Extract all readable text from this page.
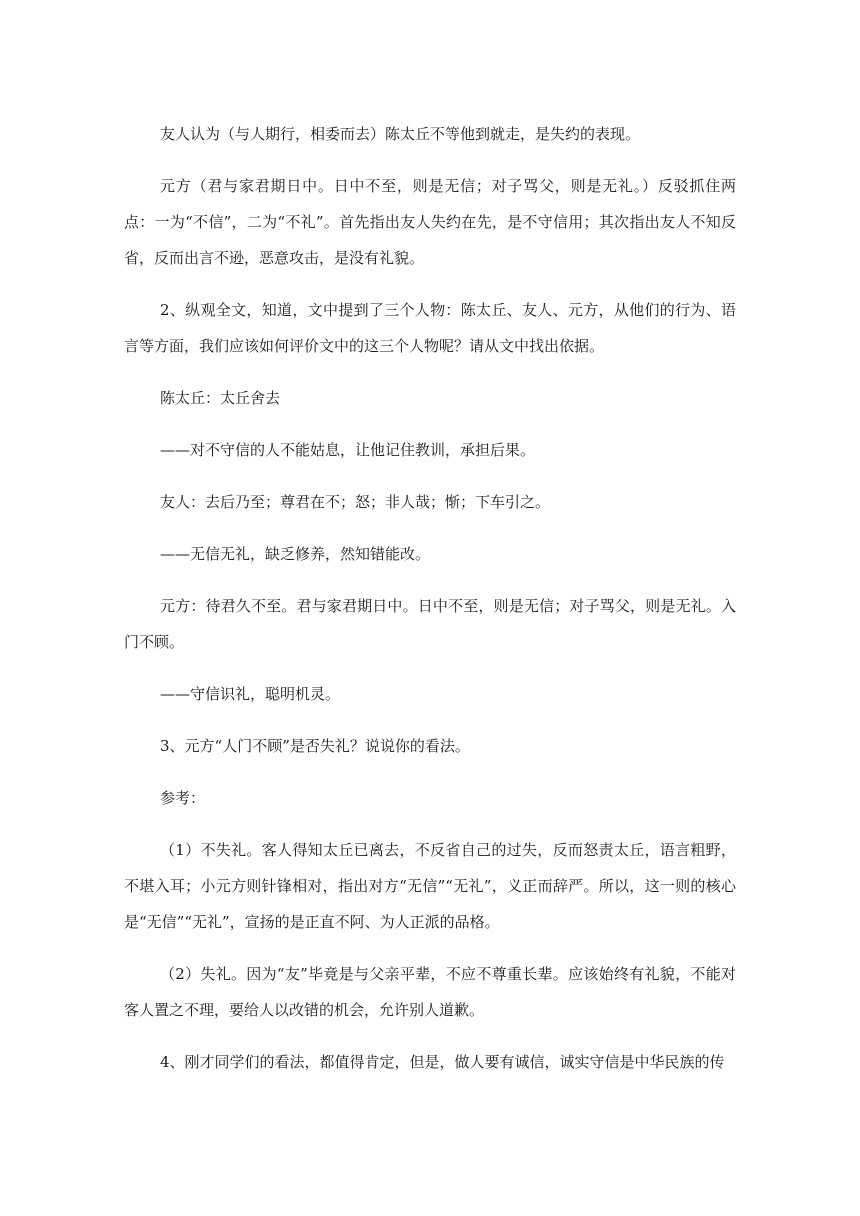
友人认为（与人期行，相委而去）陈太丘不等他到就走，是失约的表现。

元方（君与家君期日中。日中不至，则是无信；对子骂父，则是无礼。）反驳抓住两点：一为“不信”，二为“不礼”。首先指出友人失约在先，是不守信用；其次指出友人不知反省，反而出言不逊，恶意攻击，是没有礼貌。

2、纵观全文，知道，文中提到了三个人物：陈太丘、友人、元方，从他们的行为、语言等方面，我们应该如何评价文中的这三个人物呢？请从文中找出依据。

陈太丘：太丘舍去

——对不守信的人不能姑息，让他记住教训，承担后果。

友人：去后乃至；尊君在不；怒；非人哉；惭；下车引之。

——无信无礼，缺乏修养，然知错能改。

元方：待君久不至。君与家君期日中。日中不至，则是无信；对子骂父，则是无礼。入门不顾。

——守信识礼，聪明机灵。

3、元方“人门不顾”是否失礼？说说你的看法。

参考：

（1）不失礼。客人得知太丘已离去，不反省自己的过失，反而怒责太丘，语言粗野，不堪入耳；小元方则针锋相对，指出对方“无信”“无礼”，义正而辞严。所以，这一则的核心是“无信”“无礼”，宣扬的是正直不阿、为人正派的品格。

（2）失礼。因为“友”毕竟是与父亲平辈，不应不尊重长辈。应该始终有礼貌，不能对客人置之不理，要给人以改错的机会，允许别人道歉。

4、刚才同学们的看法，都值得肯定，但是，做人要有诚信，诚实守信是中华民族的传
